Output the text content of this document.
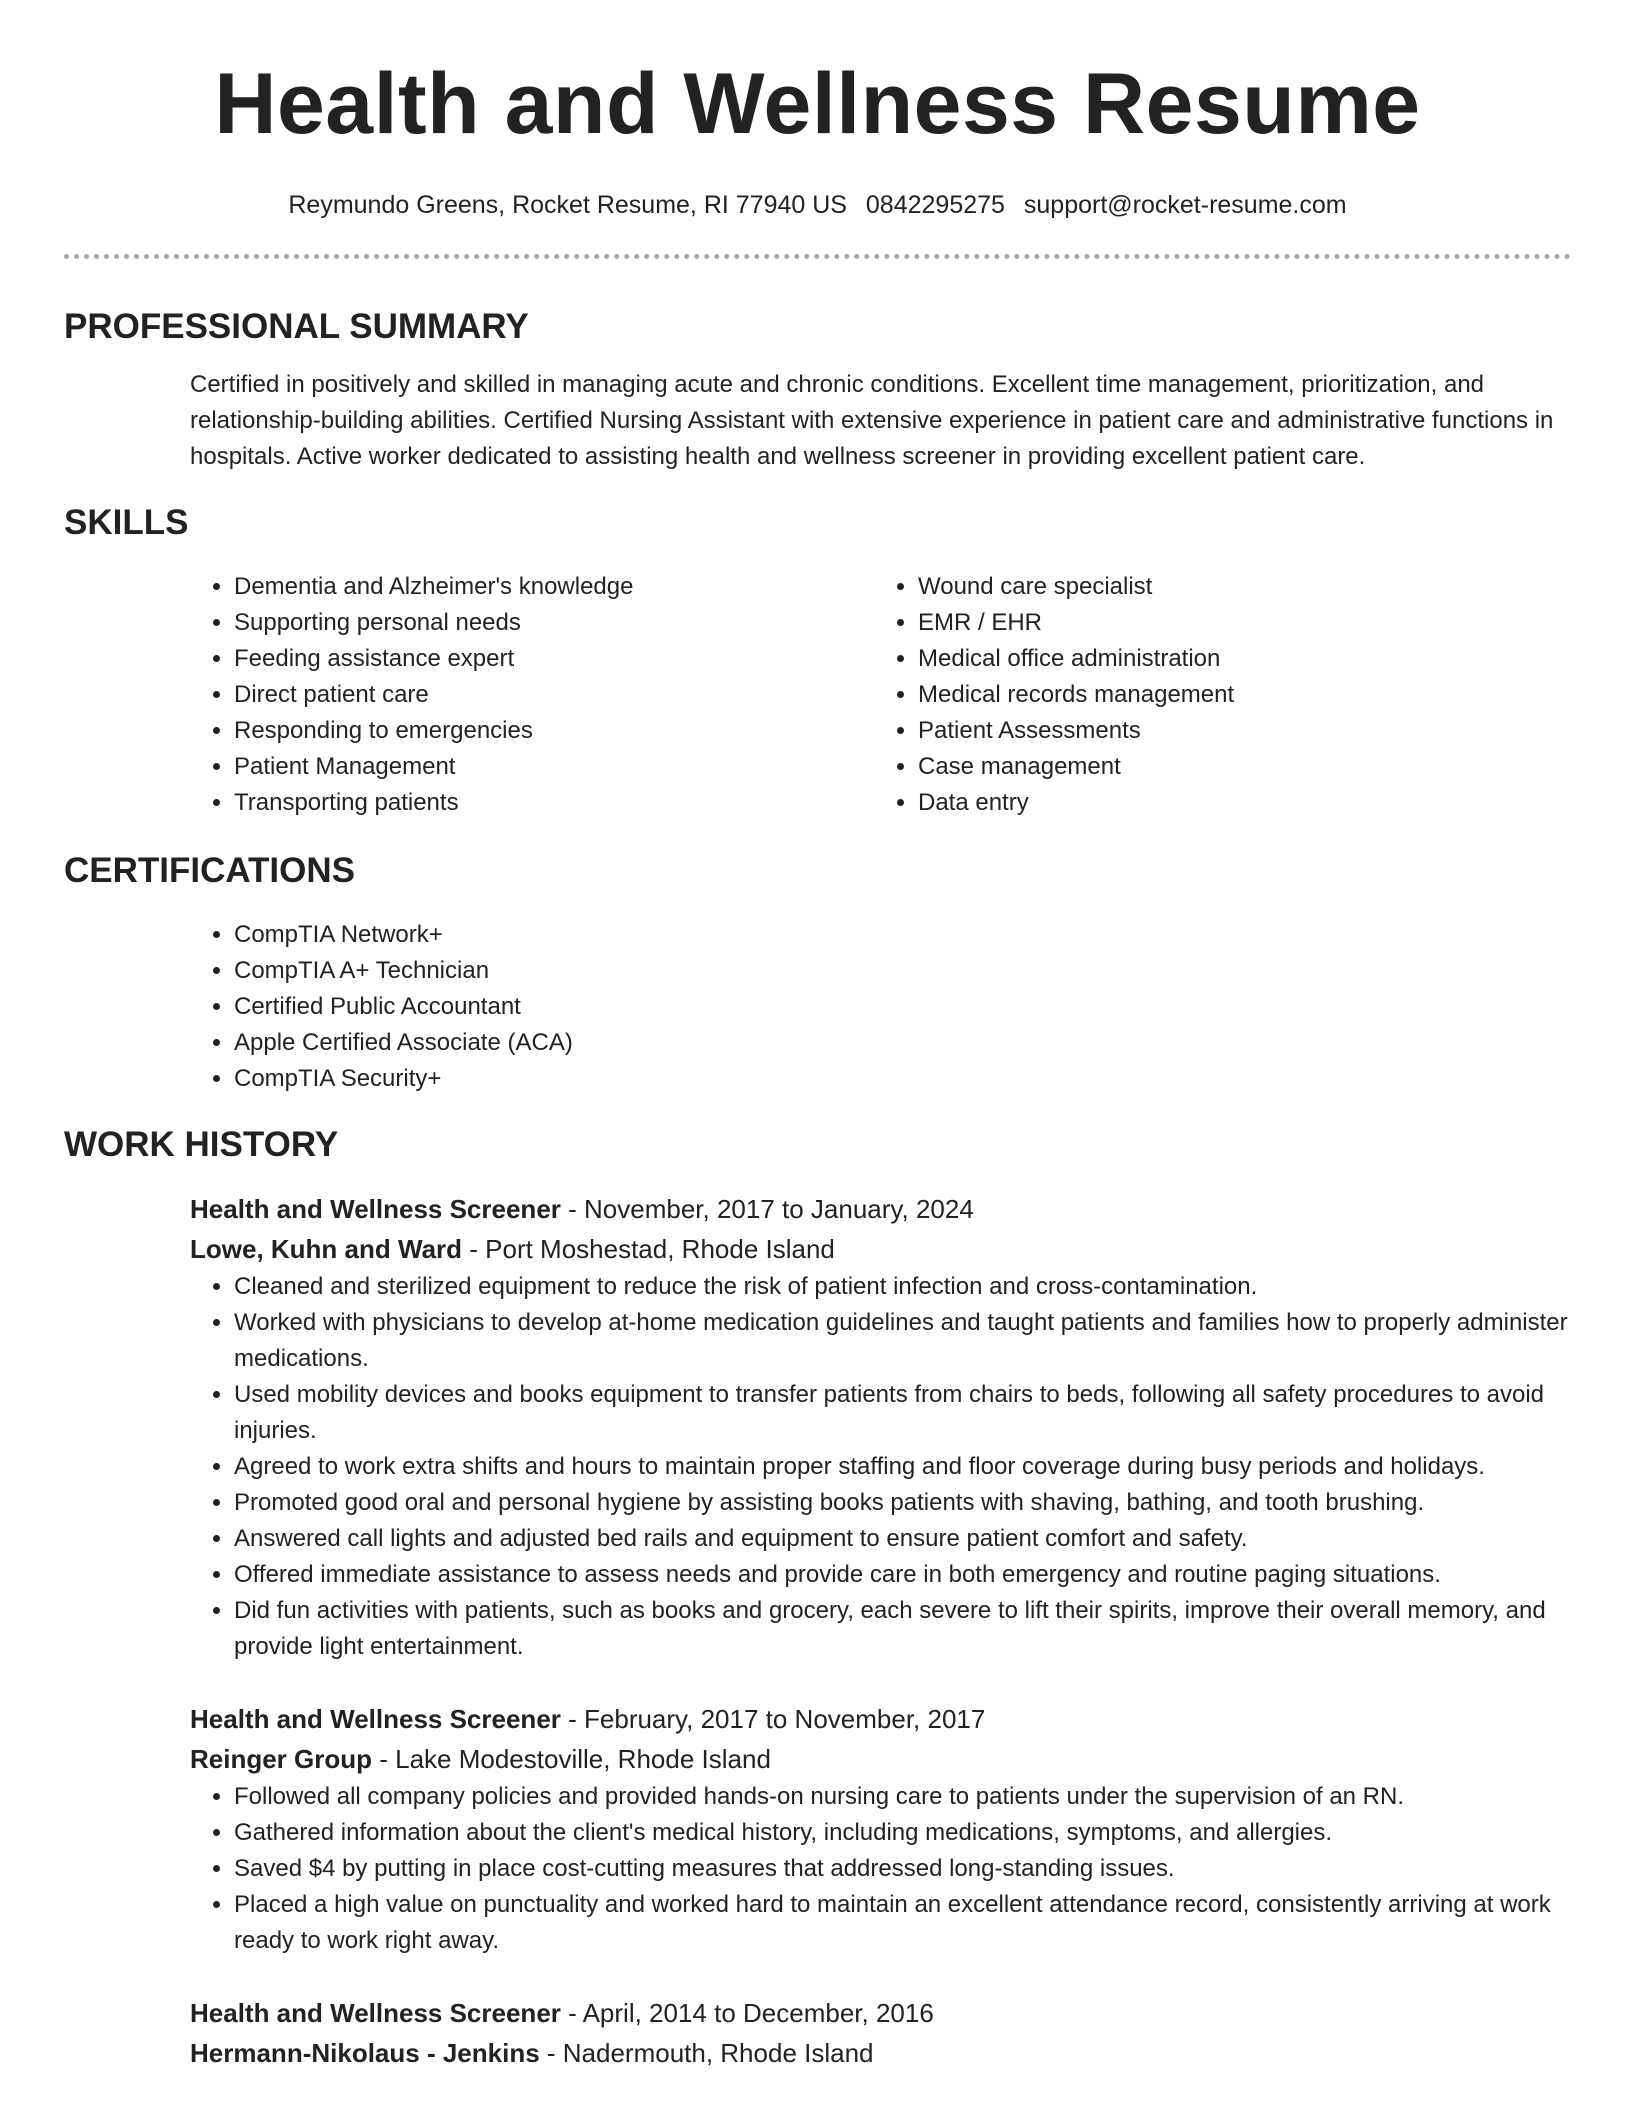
Health and Wellness Resume
Reymundo Greens, Rocket Resume, RI 77940 US 0842295275 support@rocket-resume.com
PROFESSIONAL SUMMARY
Certified in positively and skilled in managing acute and chronic conditions. Excellent time management, prioritization, and relationship-building abilities. Certified Nursing Assistant with extensive experience in patient care and administrative functions in hospitals. Active worker dedicated to assisting health and wellness screener in providing excellent patient care.
SKILLS
• Dementia and Alzheimer's knowledge
• Supporting personal needs
• Feeding assistance expert
• Direct patient care
• Responding to emergencies
• Patient Management
• Transporting patients
• Wound care specialist
• EMR / EHR
• Medical office administration
• Medical records management
• Patient Assessments
• Case management
• Data entry
CERTIFICATIONS
• CompTIA Network+
• CompTIA A+ Technician
• Certified Public Accountant
• Apple Certified Associate (ACA)
• CompTIA Security+
WORK HISTORY
Health and Wellness Screener - November, 2017 to January, 2024
Lowe, Kuhn and Ward - Port Moshestad, Rhode Island
• Cleaned and sterilized equipment to reduce the risk of patient infection and cross-contamination.
• Worked with physicians to develop at-home medication guidelines and taught patients and families how to properly administer medications.
• Used mobility devices and books equipment to transfer patients from chairs to beds, following all safety procedures to avoid injuries.
• Agreed to work extra shifts and hours to maintain proper staffing and floor coverage during busy periods and holidays.
• Promoted good oral and personal hygiene by assisting books patients with shaving, bathing, and tooth brushing.
• Answered call lights and adjusted bed rails and equipment to ensure patient comfort and safety.
• Offered immediate assistance to assess needs and provide care in both emergency and routine paging situations.
• Did fun activities with patients, such as books and grocery, each severe to lift their spirits, improve their overall memory, and provide light entertainment.
Health and Wellness Screener - February, 2017 to November, 2017
Reinger Group - Lake Modestoville, Rhode Island
• Followed all company policies and provided hands-on nursing care to patients under the supervision of an RN.
• Gathered information about the client's medical history, including medications, symptoms, and allergies.
• Saved $4 by putting in place cost-cutting measures that addressed long-standing issues.
• Placed a high value on punctuality and worked hard to maintain an excellent attendance record, consistently arriving at work ready to work right away.
Health and Wellness Screener - April, 2014 to December, 2016
Hermann-Nikolaus - Jenkins - Nadermouth, Rhode Island
